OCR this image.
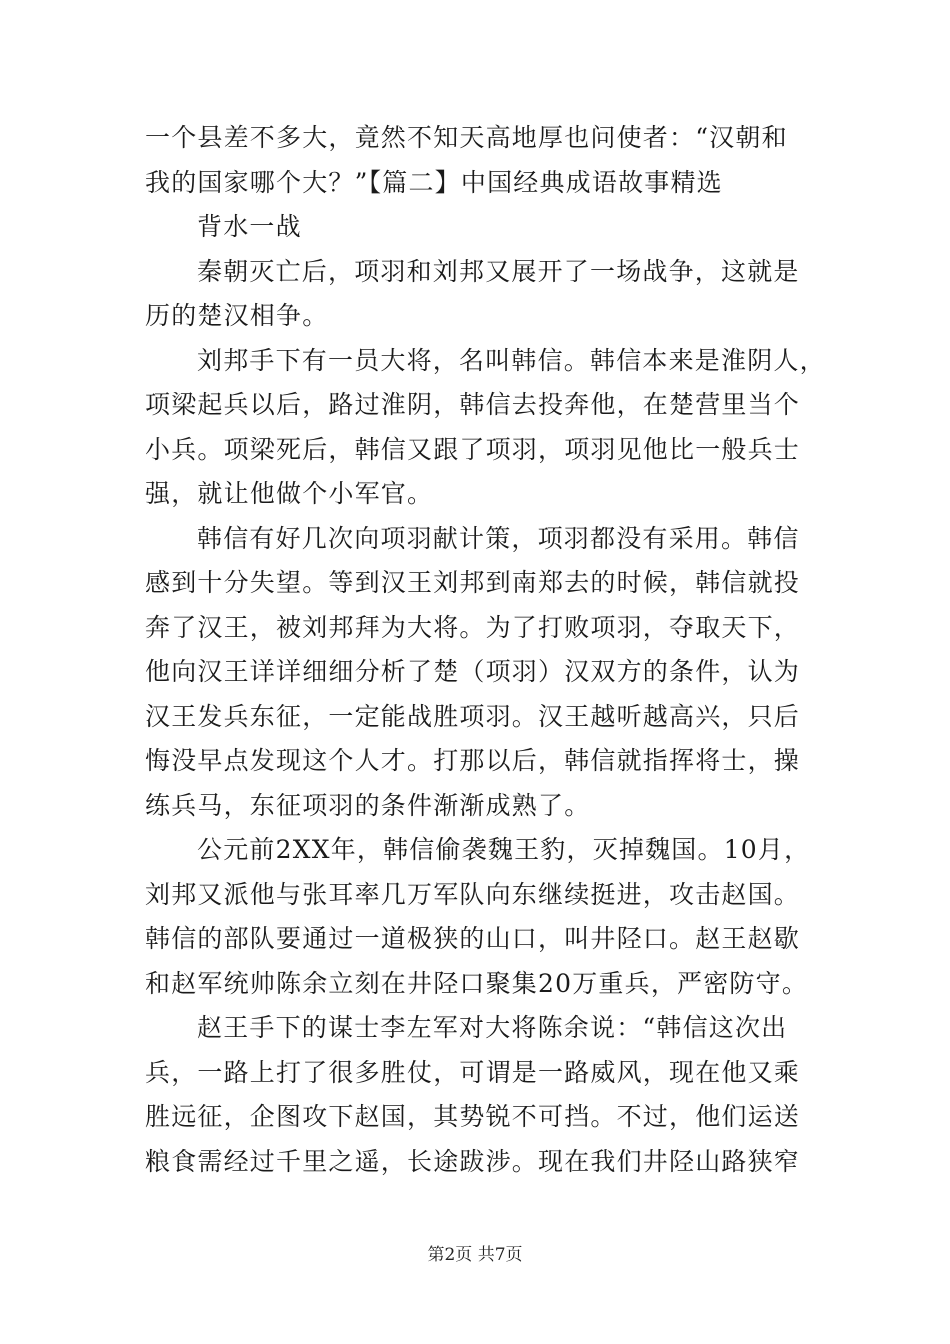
一个县差不多大，竟然不知天高地厚也问使者：“汉朝和
我的国家哪个大？”【篇二】中国经典成语故事精选
背水一战
秦朝灭亡后，项羽和刘邦又展开了一场战争，这就是
历的楚汉相争。
刘邦手下有一员大将，名叫韩信。韩信本来是淮阴人，
项梁起兵以后，路过淮阴，韩信去投奔他，在楚营里当个
小兵。项梁死后，韩信又跟了项羽，项羽见他比一般兵士
强，就让他做个小军官。
韩信有好几次向项羽献计策，项羽都没有采用。韩信
感到十分失望。等到汉王刘邦到南郑去的时候，韩信就投
奔了汉王，被刘邦拜为大将。为了打败项羽，夺取天下，
他向汉王详详细细分析了楚（项羽）汉双方的条件，认为
汉王发兵东征，一定能战胜项羽。汉王越听越高兴，只后
悔没早点发现这个人才。打那以后，韩信就指挥将士，操
练兵马，东征项羽的条件渐渐成熟了。
公元前2XX年，韩信偷袭魏王豹，灭掉魏国。10月，
刘邦又派他与张耳率几万军队向东继续挺进，攻击赵国。
韩信的部队要通过一道极狭的山口，叫井陉口。赵王赵歇
和赵军统帅陈余立刻在井陉口聚集20万重兵，严密防守。
赵王手下的谋士李左军对大将陈余说：“韩信这次出
兵，一路上打了很多胜仗，可谓是一路威风，现在他又乘
胜远征，企图攻下赵国，其势锐不可挡。不过，他们运送
粮食需经过千里之遥，长途跋涉。现在我们井陉山路狭窄
第2页 共7页
